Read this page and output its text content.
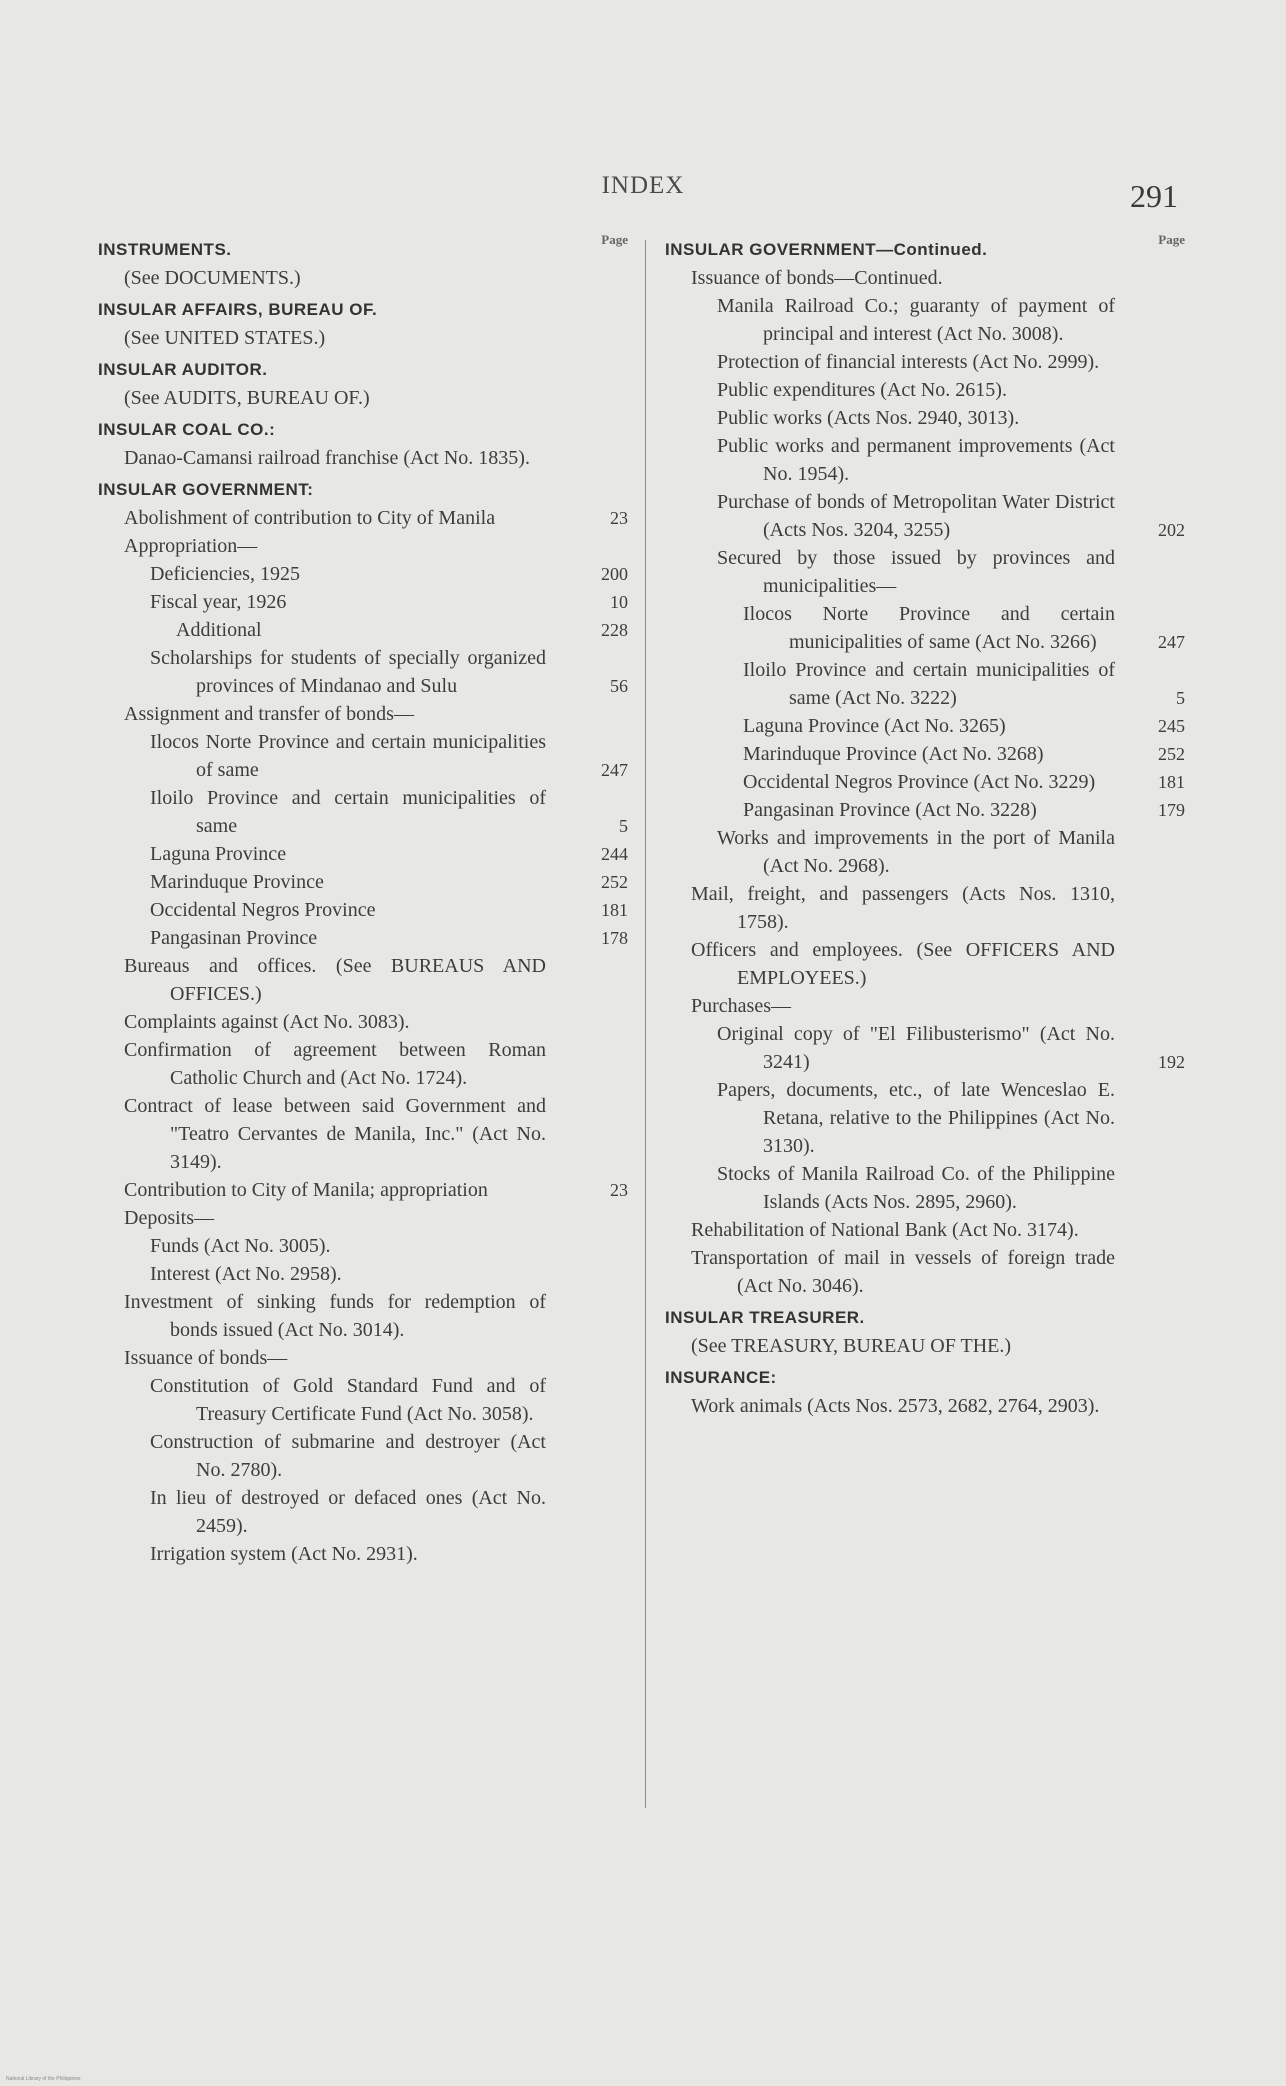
INDEX	291
Page
INSTRUMENTS.
(See DOCUMENTS.)
INSULAR AFFAIRS, BUREAU OF.
(See UNITED STATES.)
INSULAR AUDITOR.
(See AUDITS, BUREAU OF.)
INSULAR COAL CO.:
Danao-Camansi railroad franchise (Act No. 1835).
INSULAR GOVERNMENT:
Abolishment of contribution to City of Manila	23
Appropriation—
Deficiencies, 1925	200
Fiscal year, 1926	10
Additional	228
Scholarships for students of specially organized provinces of Mindanao and Sulu	56
Assignment and transfer of bonds—
Ilocos Norte Province and certain municipalities of same	247
Iloilo Province and certain municipalities of same	5
Laguna Province	244
Marinduque Province	252
Occidental Negros Province	181
Pangasinan Province	178
Bureaus and offices. (See BUREAUS AND OFFICES.)
Complaints against (Act No. 3083).
Confirmation of agreement between Roman Catholic Church and (Act No. 1724).
Contract of lease between said Government and "Teatro Cervantes de Manila, Inc." (Act No. 3149).
Contribution to City of Manila; appropriation	23
Deposits—
Funds (Act No. 3005).
Interest (Act No. 2958).
Investment of sinking funds for redemption of bonds issued (Act No. 3014).
Issuance of bonds—
Constitution of Gold Standard Fund and of Treasury Certificate Fund (Act No. 3058).
Construction of submarine and destroyer (Act No. 2780).
In lieu of destroyed or defaced ones (Act No. 2459).
Irrigation system (Act No. 2931).
Page
INSULAR GOVERNMENT—Continued.
Issuance of bonds—Continued.
Manila Railroad Co.; guaranty of payment of principal and interest (Act No. 3008).
Protection of financial interests (Act No. 2999).
Public expenditures (Act No. 2615).
Public works (Acts Nos. 2940, 3013).
Public works and permanent improvements (Act No. 1954).
Purchase of bonds of Metropolitan Water District (Acts Nos. 3204, 3255)	202
Secured by those issued by provinces and municipalities—
Ilocos Norte Province and certain municipalities of same (Act No. 3266)	247
Iloilo Province and certain municipalities of same (Act No. 3222)	5
Laguna Province (Act No. 3265)	245
Marinduque Province (Act No. 3268)	252
Occidental Negros Province (Act No. 3229)	181
Pangasinan Province (Act No. 3228)	179
Works and improvements in the port of Manila (Act No. 2968).
Mail, freight, and passengers (Acts Nos. 1310, 1758).
Officers and employees. (See OFFICERS AND EMPLOYEES.)
Purchases—
Original copy of "El Filibusterismo" (Act No. 3241)	192
Papers, documents, etc., of late Wenceslao E. Retana, relative to the Philippines (Act No. 3130).
Stocks of Manila Railroad Co. of the Philippine Islands (Acts Nos. 2895, 2960).
Rehabilitation of National Bank (Act No. 3174).
Transportation of mail in vessels of foreign trade (Act No. 3046).
INSULAR TREASURER.
(See TREASURY, BUREAU OF THE.)
INSURANCE:
Work animals (Acts Nos. 2573, 2682, 2764, 2903).
National Library of the Philippines
